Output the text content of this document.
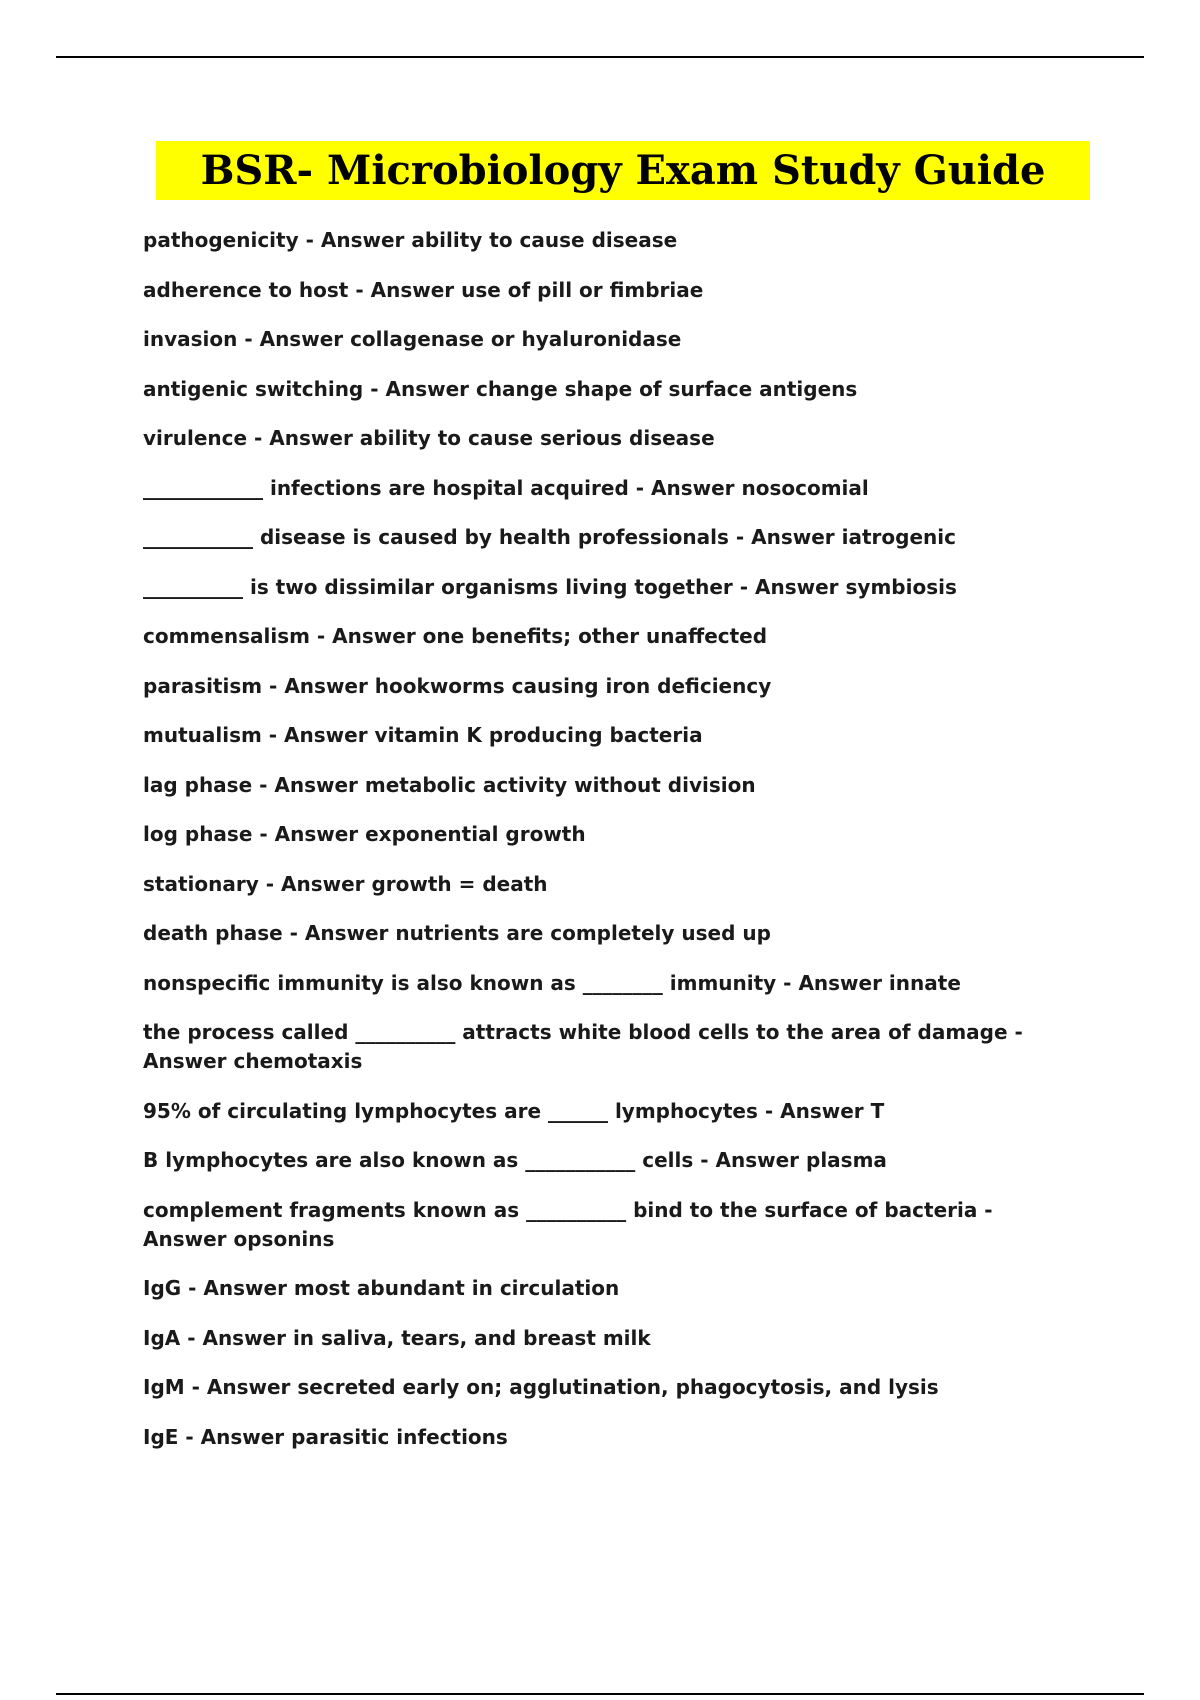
BSR- Microbiology Exam Study Guide
pathogenicity - Answer ability to cause disease
adherence to host - Answer use of pill or fimbriae
invasion - Answer collagenase or hyaluronidase
antigenic switching - Answer change shape of surface antigens
virulence - Answer ability to cause serious disease
____________ infections are hospital acquired - Answer nosocomial
___________ disease is caused by health professionals - Answer iatrogenic
__________ is two dissimilar organisms living together - Answer symbiosis
commensalism - Answer one benefits; other unaffected
parasitism - Answer hookworms causing iron deficiency
mutualism - Answer vitamin K producing bacteria
lag phase - Answer metabolic activity without division
log phase - Answer exponential growth
stationary - Answer growth = death
death phase - Answer nutrients are completely used up
nonspecific immunity is also known as ________ immunity - Answer innate
the process called __________ attracts white blood cells to the area of damage - Answer chemotaxis
95% of circulating lymphocytes are ______ lymphocytes - Answer T
B lymphocytes are also known as ___________ cells - Answer plasma
complement fragments known as __________ bind to the surface of bacteria - Answer opsonins
IgG - Answer most abundant in circulation
IgA - Answer in saliva, tears, and breast milk
IgM - Answer secreted early on; agglutination, phagocytosis, and lysis
IgE - Answer parasitic infections
